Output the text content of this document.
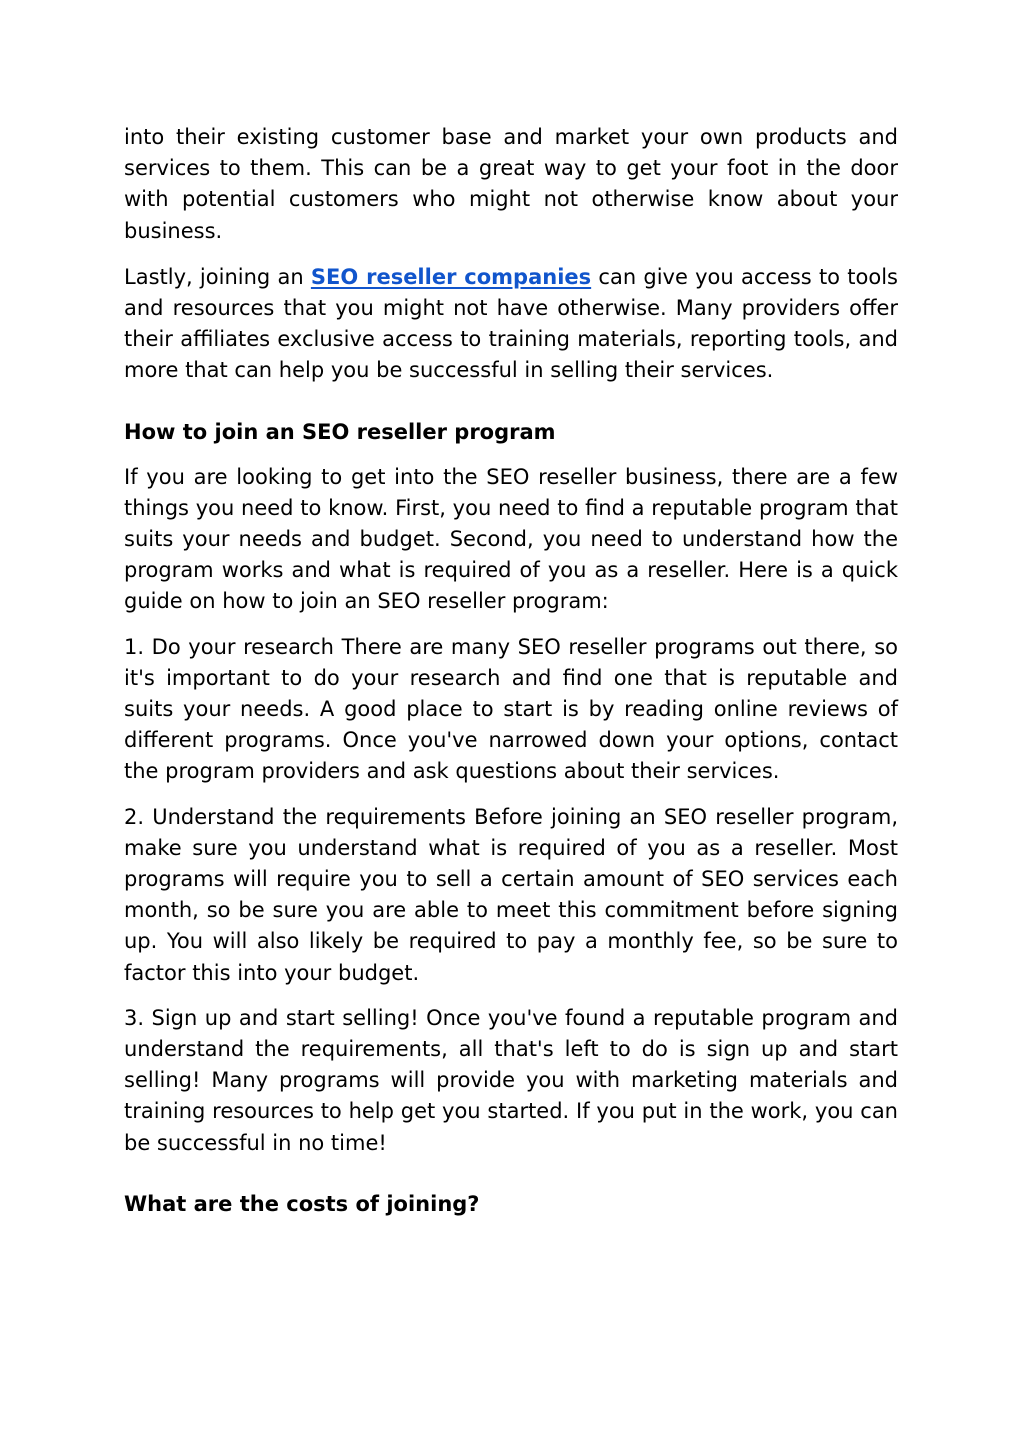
into their existing customer base and market your own products and services to them. This can be a great way to get your foot in the door with potential customers who might not otherwise know about your business.

Lastly, joining an SEO reseller companies can give you access to tools and resources that you might not have otherwise. Many providers offer their affiliates exclusive access to training materials, reporting tools, and more that can help you be successful in selling their services.

How to join an SEO reseller program

If you are looking to get into the SEO reseller business, there are a few things you need to know. First, you need to find a reputable program that suits your needs and budget. Second, you need to understand how the program works and what is required of you as a reseller. Here is a quick guide on how to join an SEO reseller program:

1. Do your research There are many SEO reseller programs out there, so it's important to do your research and find one that is reputable and suits your needs. A good place to start is by reading online reviews of different programs. Once you've narrowed down your options, contact the program providers and ask questions about their services.

2. Understand the requirements Before joining an SEO reseller program, make sure you understand what is required of you as a reseller. Most programs will require you to sell a certain amount of SEO services each month, so be sure you are able to meet this commitment before signing up. You will also likely be required to pay a monthly fee, so be sure to factor this into your budget.

3. Sign up and start selling! Once you've found a reputable program and understand the requirements, all that's left to do is sign up and start selling! Many programs will provide you with marketing materials and training resources to help get you started. If you put in the work, you can be successful in no time!

What are the costs of joining?
